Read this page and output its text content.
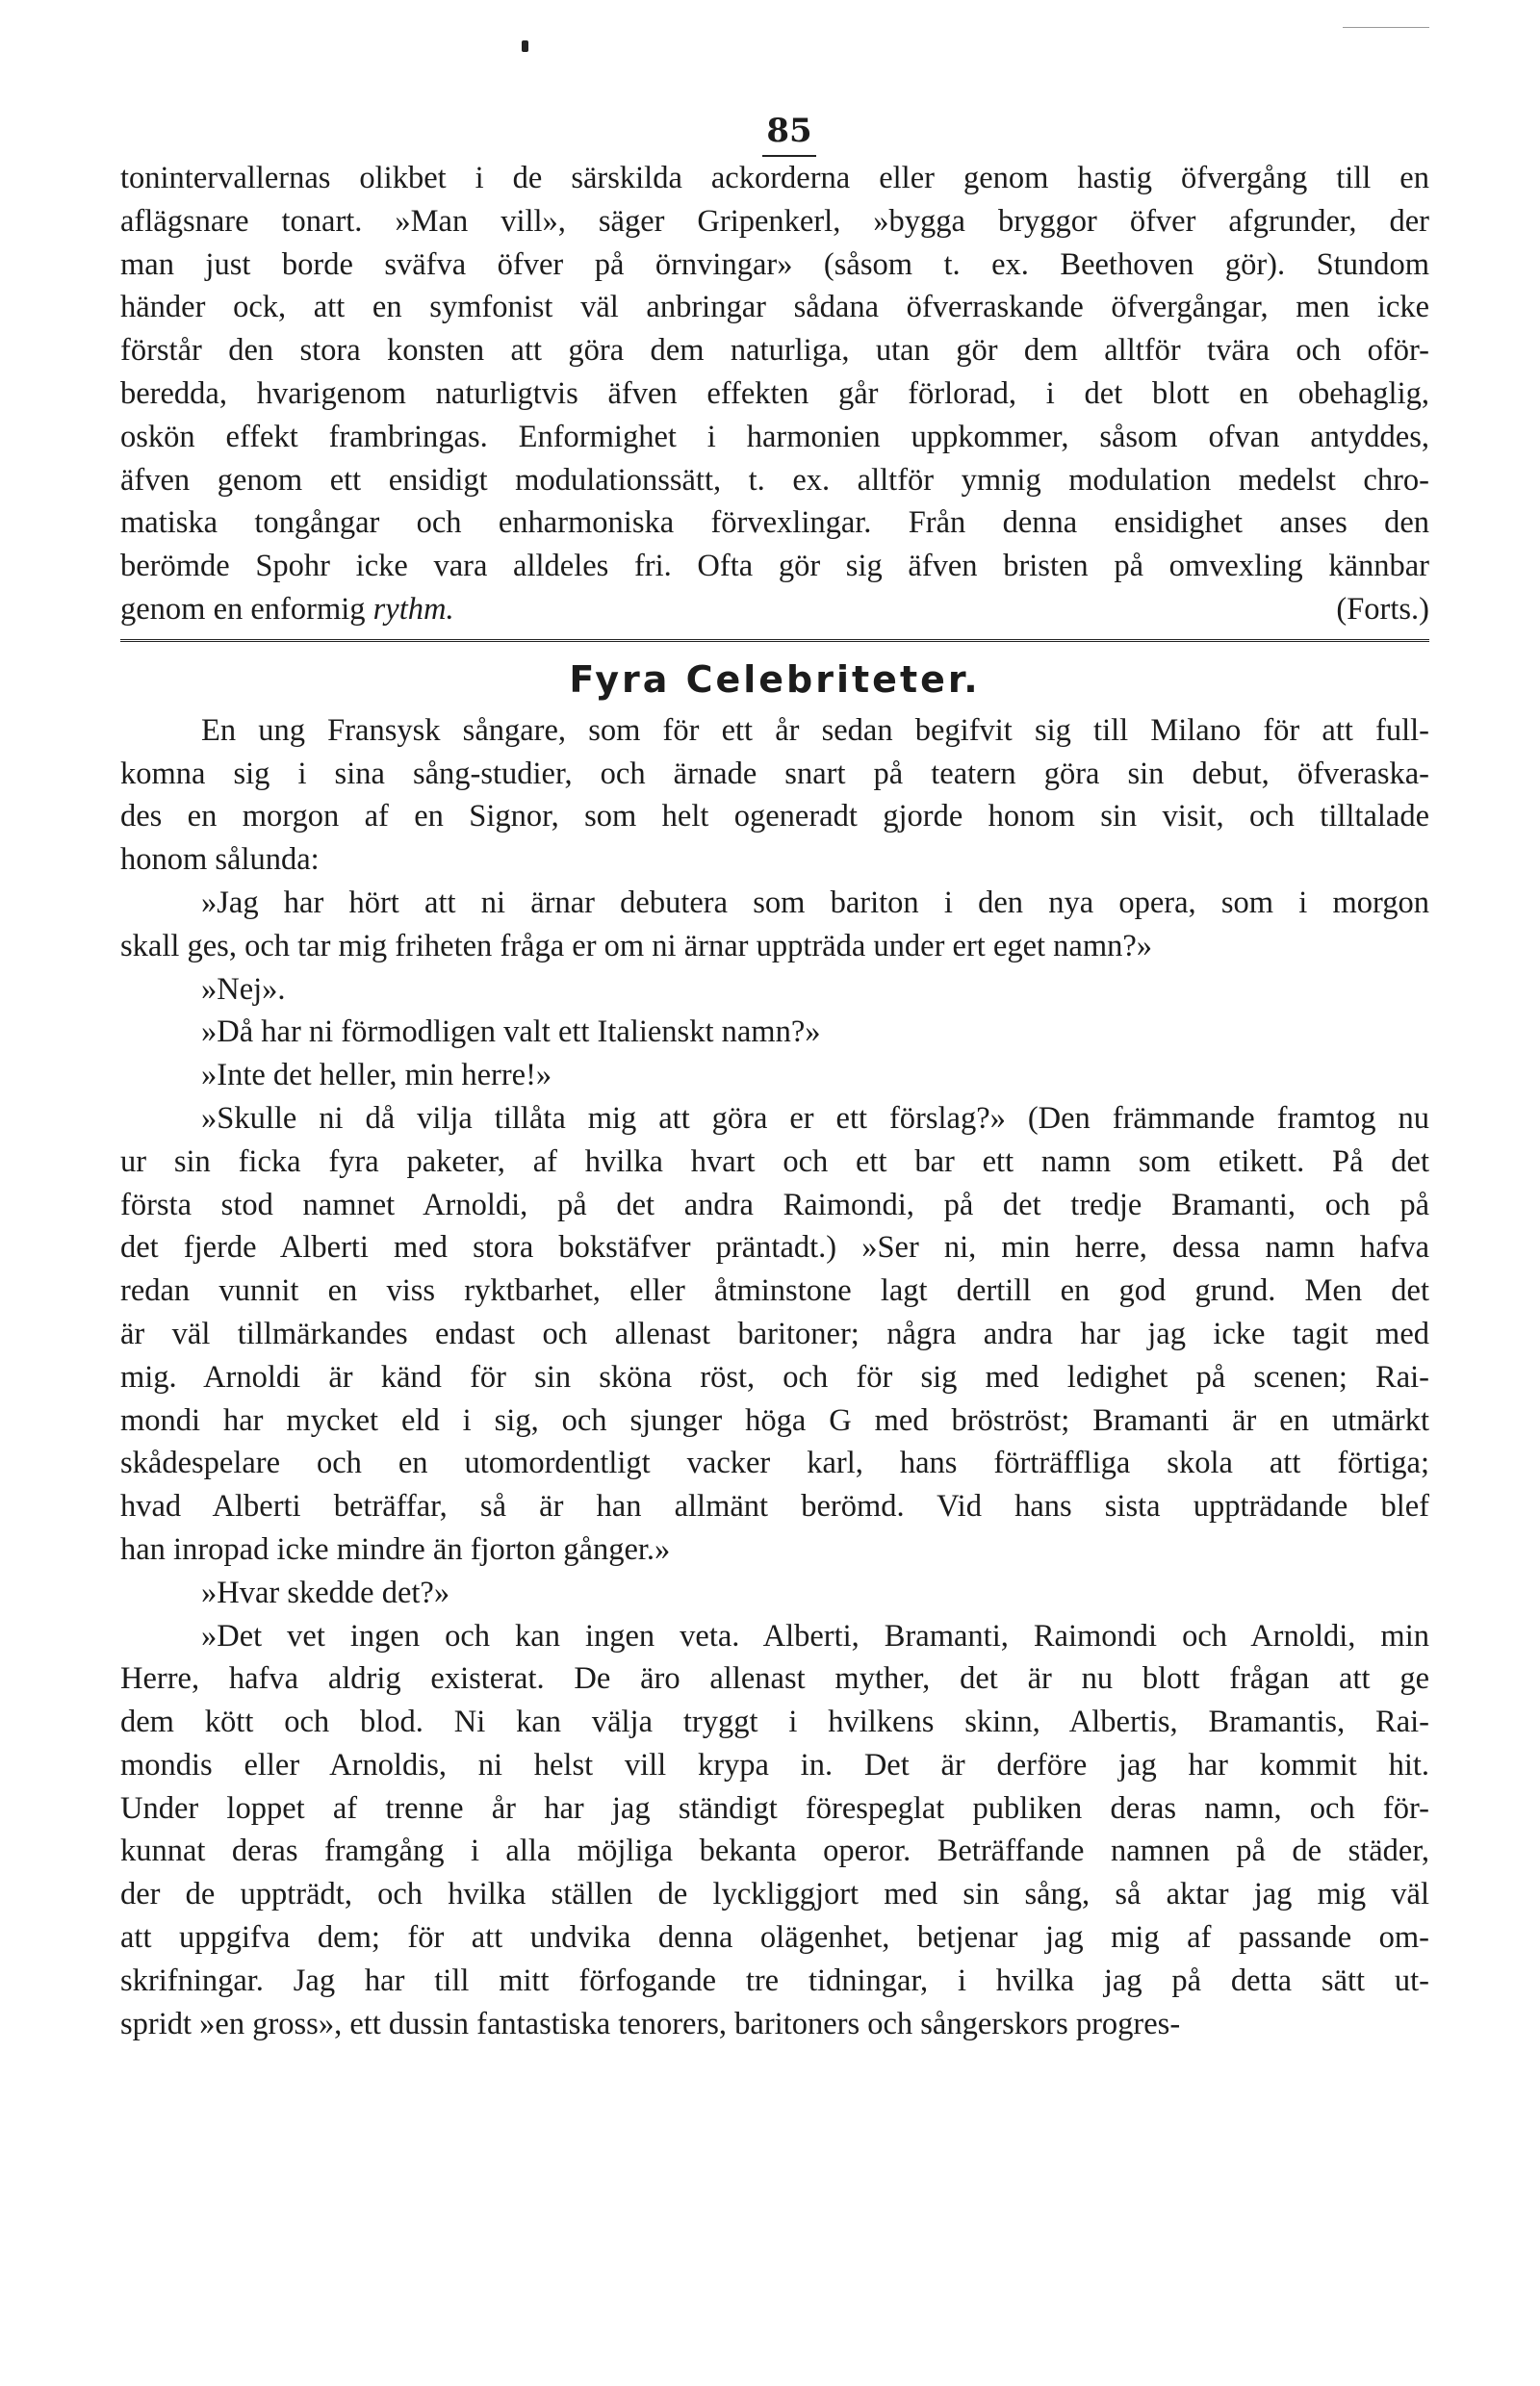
85
tonintervallernas olikbet i de särskilda ackorderna eller genom hastig öfvergång till en
aflägsnare tonart. »Man vill», säger Gripenkerl, »bygga bryggor öfver afgrunder, der
man just borde sväfva öfver på örnvingar» (såsom t. ex. Beethoven gör). Stundom
händer ock, att en symfonist väl anbringar sådana öfverraskande öfvergångar, men icke
förstår den stora konsten att göra dem naturliga, utan gör dem alltför tvära och oför-
beredda, hvarigenom naturligtvis äfven effekten går förlorad, i det blott en obehaglig,
oskön effekt frambringas. Enformighet i harmonien uppkommer, såsom ofvan antyddes,
äfven genom ett ensidigt modulationssätt, t. ex. alltför ymnig modulation medelst chro-
matiska tongångar och enharmoniska förvexlingar. Från denna ensidighet anses den
berömde Spohr icke vara alldeles fri. Ofta gör sig äfven bristen på omvexling kännbar
genom en enformig rythm.	(Forts.)
Fyra Celebriteter.
En ung Fransysk sångare, som för ett år sedan begifvit sig till Milano för att full-
komna sig i sina sång-studier, och ärnade snart på teatern göra sin debut, öfveraska-
des en morgon af en Signor, som helt ogeneradt gjorde honom sin visit, och tilltalade
honom sålunda:
»Jag har hört att ni ärnar debutera som bariton i den nya opera, som i morgon
skall ges, och tar mig friheten fråga er om ni ärnar uppträda under ert eget namn?»
»Nej».
»Då har ni förmodligen valt ett Italienskt namn?»
»Inte det heller, min herre!»
»Skulle ni då vilja tillåta mig att göra er ett förslag?» (Den främmande framtog nu
ur sin ficka fyra paketer, af hvilka hvart och ett bar ett namn som etikett. På det
första stod namnet Arnoldi, på det andra Raimondi, på det tredje Bramanti, och på
det fjerde Alberti med stora bokstäfver präntadt.) »Ser ni, min herre, dessa namn hafva
redan vunnit en viss ryktbarhet, eller åtminstone lagt dertill en god grund. Men det
är väl tillmärkandes endast och allenast baritoner; några andra har jag icke tagit med
mig. Arnoldi är känd för sin sköna röst, och för sig med ledighet på scenen; Rai-
mondi har mycket eld i sig, och sjunger höga G med bröströst; Bramanti är en utmärkt
skådespelare och en utomordentligt vacker karl, hans förträffliga skola att förtiga;
hvad Alberti beträffar, så är han allmänt berömd. Vid hans sista uppträdande blef
han inropad icke mindre än fjorton gånger.»
»Hvar skedde det?»
»Det vet ingen och kan ingen veta. Alberti, Bramanti, Raimondi och Arnoldi, min
Herre, hafva aldrig existerat. De äro allenast myther, det är nu blott frågan att ge
dem kött och blod. Ni kan välja tryggt i hvilkens skinn, Albertis, Bramantis, Rai-
mondis eller Arnoldis, ni helst vill krypa in. Det är derföre jag har kommit hit.
Under loppet af trenne år har jag ständigt förespeglat publiken deras namn, och för-
kunnat deras framgång i alla möjliga bekanta operor. Beträffande namnen på de städer,
der de uppträdt, och hvilka ställen de lyckliggjort med sin sång, så aktar jag mig väl
att uppgifva dem; för att undvika denna olägenhet, betjenar jag mig af passande om-
skrifningar. Jag har till mitt förfogande tre tidningar, i hvilka jag på detta sätt ut-
spridt »en gross», ett dussin fantastiska tenorers, baritoners och sångerskors progres-
